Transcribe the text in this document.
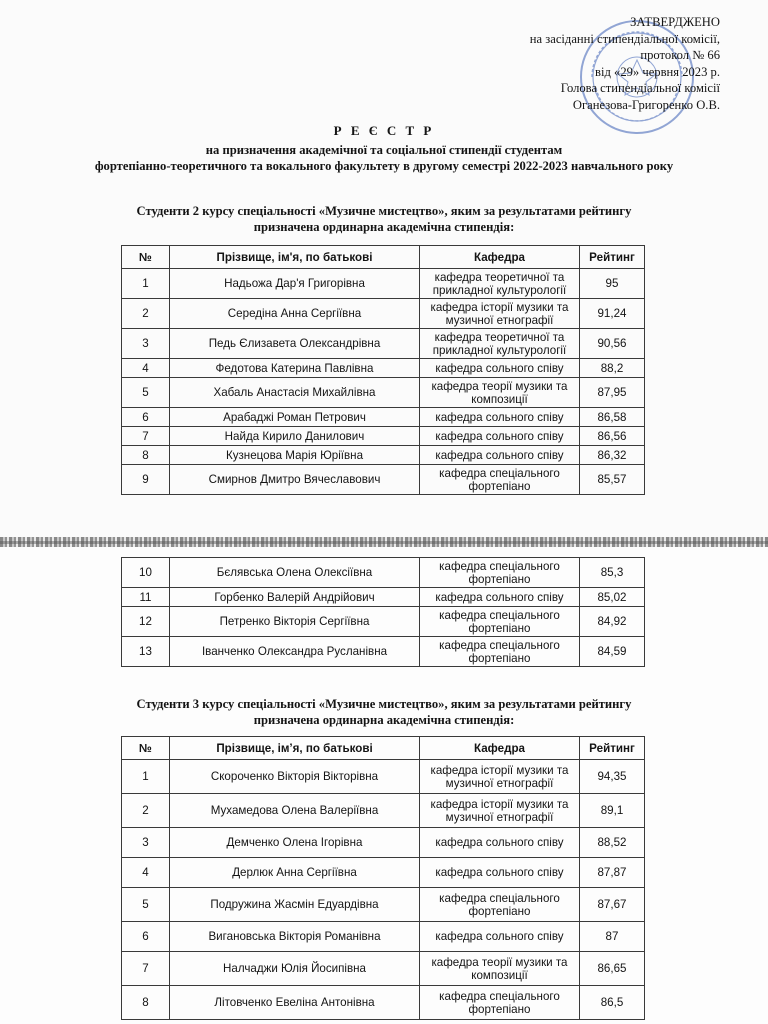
ЗАТВЕРДЖЕНО
на засіданні стипендіальної комісії,
протокол № 66
від «29» червня 2023 р.
Голова стипендіальної комісії
Оганезова-Григоренко О.В.
Р Е Є С Т Р
на призначення академічної та соціальної стипендії студентам
фортепіанно-теоретичного та вокального факультету в другому семестрі 2022-2023 навчального року
Студенти 2 курсу спеціальності «Музичне мистецтво», яким за результатами рейтингу
призначена ординарна академічна стипендія:
№	Прізвище, ім'я, по батькові	Кафедра	Рейтинг
1	Надьожа Дар'я Григорівна	кафедра теоретичної та
прикладної культурології	95
2	Середіна Анна Сергіївна	кафедра історії музики та
музичної етнографії	91,24
3	Педь Єлизавета Олександрівна	кафедра теоретичної та
прикладної культурології	90,56
4	Федотова Катерина Павлівна	кафедра сольного співу	88,2
5	Хабаль Анастасія Михайлівна	кафедра теорії музики та
композиції	87,95
6	Арабаджі Роман Петрович	кафедра сольного співу	86,58
7	Найда Кирило Данилович	кафедра сольного співу	86,56
8	Кузнецова Марія Юріївна	кафедра сольного співу	86,32
9	Смирнов Дмитро Вячеславович	кафедра спеціального
фортепіано	85,57
10	Бєлявська Олена Олексіївна	кафедра спеціального
фортепіано	85,3
11	Горбенко Валерій Андрійович	кафедра сольного співу	85,02
12	Петренко Вікторія Сергіївна	кафедра спеціального
фортепіано	84,92
13	Іванченко Олександра Русланівна	кафедра спеціального
фортепіано	84,59
Студенти 3 курсу спеціальності «Музичне мистецтво», яким за результатами рейтингу
призначена ординарна академічна стипендія:
№	Прізвище, ім’я, по батькові	Кафедра	Рейтинг
1	Скороченко Вікторія Вікторівна	кафедра історії музики та
музичної етнографії	94,35
2	Мухамедова Олена Валеріївна	кафедра історії музики та
музичної етнографії	89,1
3	Демченко Олена Ігорівна	кафедра сольного співу	88,52
4	Дерлюк Анна Сергіївна	кафедра сольного співу	87,87
5	Подружина Жасмін Едуардівна	кафедра спеціального
фортепіано	87,67
6	Вигановська Вікторія Романівна	кафедра сольного співу	87
7	Налчаджи Юлія Йосипівна	кафедра теорії музики та
композиції	86,65
8	Літовченко Евеліна Антонівна	кафедра спеціального
фортепіано	86,5
